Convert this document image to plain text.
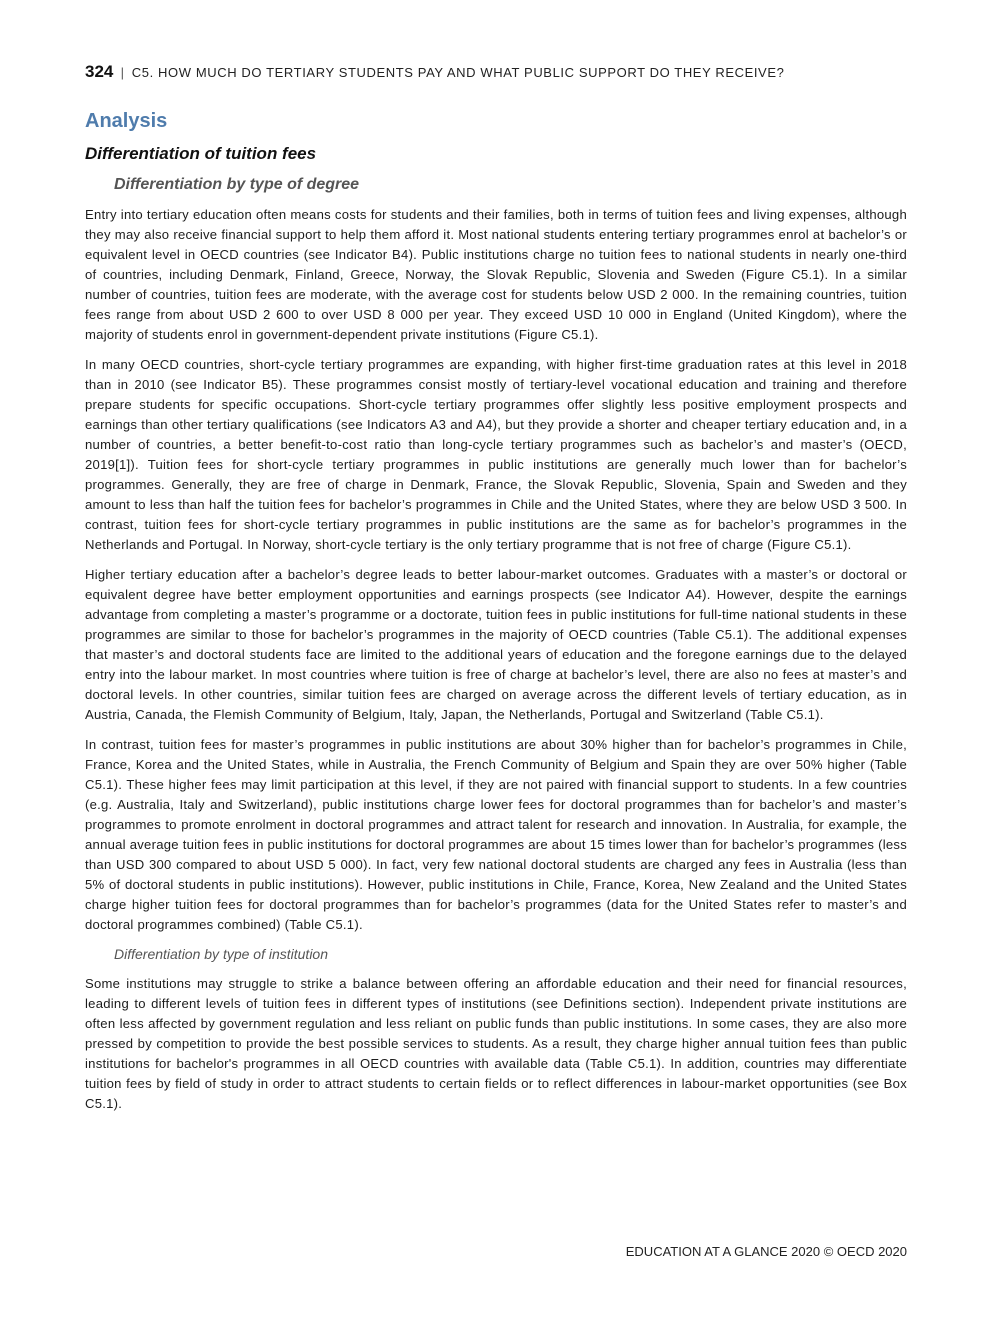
324 | C5. HOW MUCH DO TERTIARY STUDENTS PAY AND WHAT PUBLIC SUPPORT DO THEY RECEIVE?
Analysis
Differentiation of tuition fees
Differentiation by type of degree

Entry into tertiary education often means costs for students and their families, both in terms of tuition fees and living expenses, although they may also receive financial support to help them afford it. Most national students entering tertiary programmes enrol at bachelor’s or equivalent level in OECD countries (see Indicator B4). Public institutions charge no tuition fees to national students in nearly one-third of countries, including Denmark, Finland, Greece, Norway, the Slovak Republic, Slovenia and Sweden (Figure C5.1). In a similar number of countries, tuition fees are moderate, with the average cost for students below USD 2 000. In the remaining countries, tuition fees range from about USD 2 600 to over USD 8 000 per year. They exceed USD 10 000 in England (United Kingdom), where the majority of students enrol in government-dependent private institutions (Figure C5.1).

In many OECD countries, short-cycle tertiary programmes are expanding, with higher first-time graduation rates at this level in 2018 than in 2010 (see Indicator B5). These programmes consist mostly of tertiary-level vocational education and training and therefore prepare students for specific occupations. Short-cycle tertiary programmes offer slightly less positive employment prospects and earnings than other tertiary qualifications (see Indicators A3 and A4), but they provide a shorter and cheaper tertiary education and, in a number of countries, a better benefit-to-cost ratio than long-cycle tertiary programmes such as bachelor’s and master’s (OECD, 2019[1]). Tuition fees for short-cycle tertiary programmes in public institutions are generally much lower than for bachelor’s programmes. Generally, they are free of charge in Denmark, France, the Slovak Republic, Slovenia, Spain and Sweden and they amount to less than half the tuition fees for bachelor’s programmes in Chile and the United States, where they are below USD 3 500. In contrast, tuition fees for short-cycle tertiary programmes in public institutions are the same as for bachelor’s programmes in the Netherlands and Portugal. In Norway, short-cycle tertiary is the only tertiary programme that is not free of charge (Figure C5.1).

Higher tertiary education after a bachelor’s degree leads to better labour-market outcomes. Graduates with a master’s or doctoral or equivalent degree have better employment opportunities and earnings prospects (see Indicator A4). However, despite the earnings advantage from completing a master’s programme or a doctorate, tuition fees in public institutions for full-time national students in these programmes are similar to those for bachelor’s programmes in the majority of OECD countries (Table C5.1). The additional expenses that master’s and doctoral students face are limited to the additional years of education and the foregone earnings due to the delayed entry into the labour market. In most countries where tuition is free of charge at bachelor’s level, there are also no fees at master’s and doctoral levels. In other countries, similar tuition fees are charged on average across the different levels of tertiary education, as in Austria, Canada, the Flemish Community of Belgium, Italy, Japan, the Netherlands, Portugal and Switzerland (Table C5.1).

In contrast, tuition fees for master’s programmes in public institutions are about 30% higher than for bachelor’s programmes in Chile, France, Korea and the United States, while in Australia, the French Community of Belgium and Spain they are over 50% higher (Table C5.1). These higher fees may limit participation at this level, if they are not paired with financial support to students. In a few countries (e.g. Australia, Italy and Switzerland), public institutions charge lower fees for doctoral programmes than for bachelor’s and master’s programmes to promote enrolment in doctoral programmes and attract talent for research and innovation. In Australia, for example, the annual average tuition fees in public institutions for doctoral programmes are about 15 times lower than for bachelor’s programmes (less than USD 300 compared to about USD 5 000). In fact, very few national doctoral students are charged any fees in Australia (less than 5% of doctoral students in public institutions). However, public institutions in Chile, France, Korea, New Zealand and the United States charge higher tuition fees for doctoral programmes than for bachelor’s programmes (data for the United States refer to master’s and doctoral programmes combined) (Table C5.1).

Differentiation by type of institution

Some institutions may struggle to strike a balance between offering an affordable education and their need for financial resources, leading to different levels of tuition fees in different types of institutions (see Definitions section). Independent private institutions are often less affected by government regulation and less reliant on public funds than public institutions. In some cases, they are also more pressed by competition to provide the best possible services to students. As a result, they charge higher annual tuition fees than public institutions for bachelor's programmes in all OECD countries with available data (Table C5.1). In addition, countries may differentiate tuition fees by field of study in order to attract students to certain fields or to reflect differences in labour-market opportunities (see Box C5.1).

EDUCATION AT A GLANCE 2020 © OECD 2020
